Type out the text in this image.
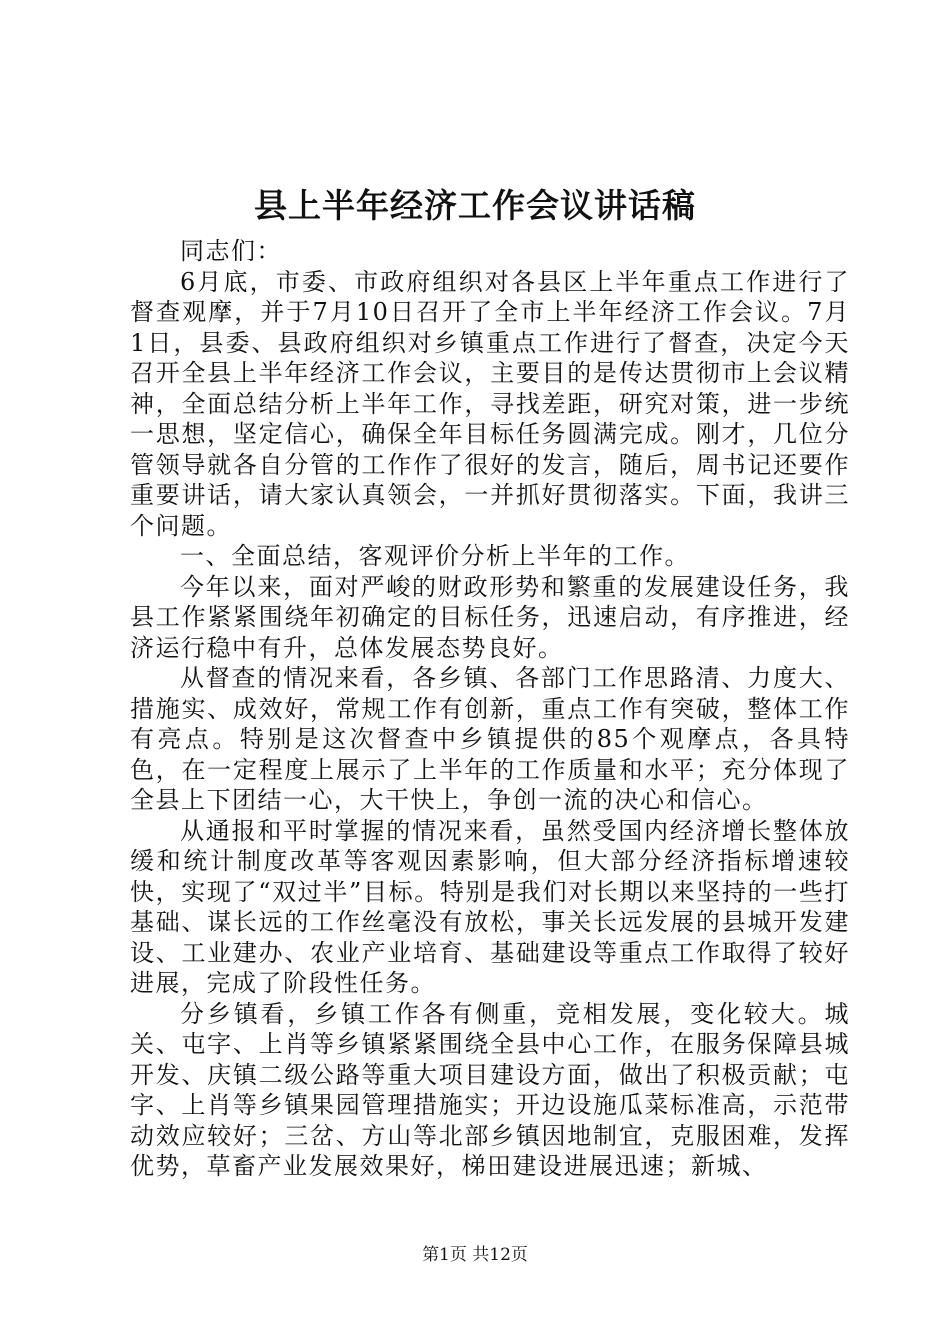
县上半年经济工作会议讲话稿

同志们：

6月底，市委、市政府组织对各县区上半年重点工作进行了督查观摩，并于7月10日召开了全市上半年经济工作会议。7月1日，县委、县政府组织对乡镇重点工作进行了督查，决定今天召开全县上半年经济工作会议，主要目的是传达贯彻市上会议精神，全面总结分析上半年工作，寻找差距，研究对策，进一步统一思想，坚定信心，确保全年目标任务圆满完成。刚才，几位分管领导就各自分管的工作作了很好的发言，随后，周书记还要作重要讲话，请大家认真领会，一并抓好贯彻落实。下面，我讲三个问题。

一、全面总结，客观评价分析上半年的工作。

今年以来，面对严峻的财政形势和繁重的发展建设任务，我县工作紧紧围绕年初确定的目标任务，迅速启动，有序推进，经济运行稳中有升，总体发展态势良好。

从督查的情况来看，各乡镇、各部门工作思路清、力度大、措施实、成效好，常规工作有创新，重点工作有突破，整体工作有亮点。特别是这次督查中乡镇提供的85个观摩点，各具特色，在一定程度上展示了上半年的工作质量和水平；充分体现了全县上下团结一心，大干快上，争创一流的决心和信心。

从通报和平时掌握的情况来看，虽然受国内经济增长整体放缓和统计制度改革等客观因素影响，但大部分经济指标增速较快，实现了“双过半”目标。特别是我们对长期以来坚持的一些打基础、谋长远的工作丝毫没有放松，事关长远发展的县城开发建设、工业建办、农业产业培育、基础建设等重点工作取得了较好进展，完成了阶段性任务。

分乡镇看，乡镇工作各有侧重，竞相发展，变化较大。城关、屯字、上肖等乡镇紧紧围绕全县中心工作，在服务保障县城开发、庆镇二级公路等重大项目建设方面，做出了积极贡献；屯字、上肖等乡镇果园管理措施实；开边设施瓜菜标准高，示范带动效应较好；三岔、方山等北部乡镇因地制宜，克服困难，发挥优势，草畜产业发展效果好，梯田建设进展迅速；新城、

第1页 共12页
